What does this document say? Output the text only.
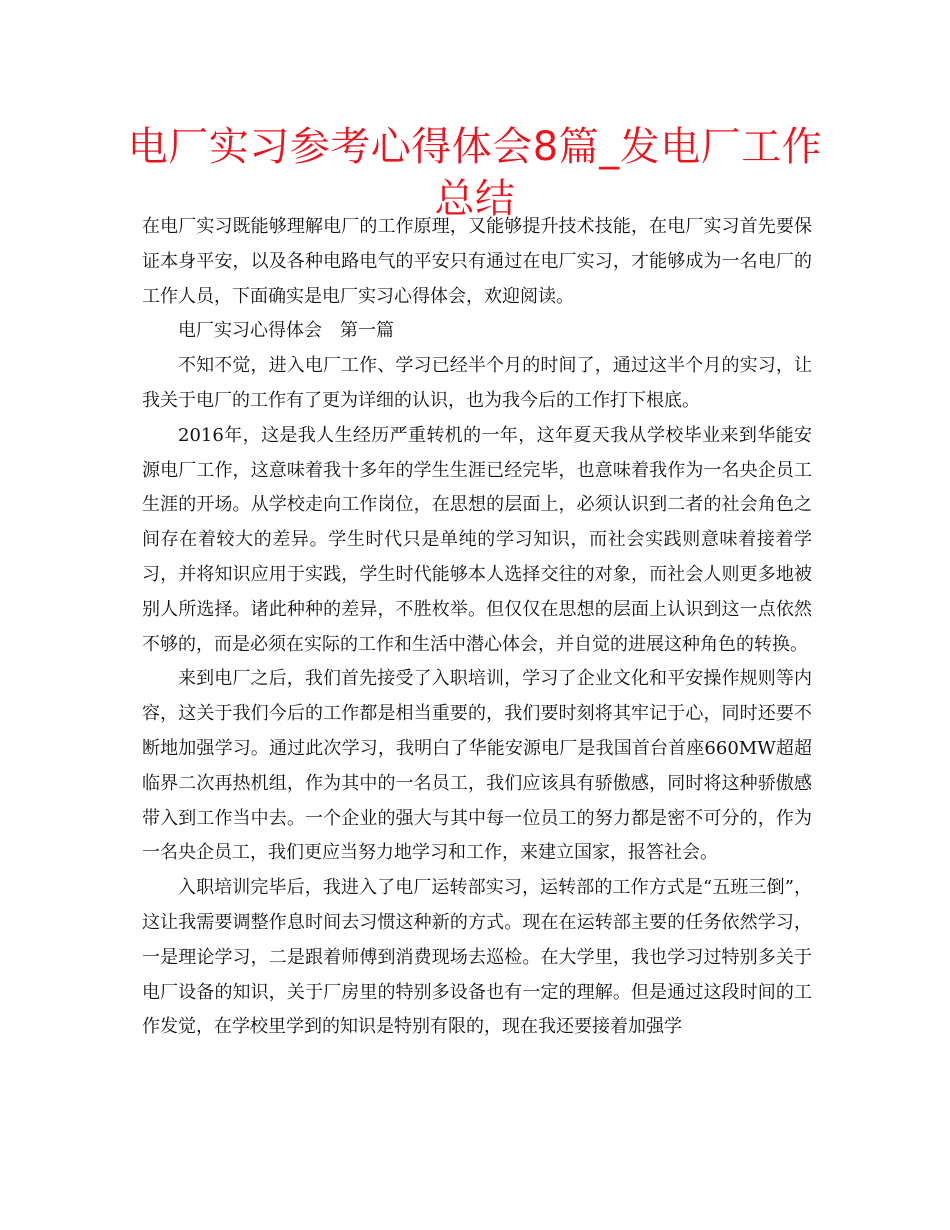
电厂实习参考心得体会8篇_发电厂工作总结

在电厂实习既能够理解电厂的工作原理，又能够提升技术技能，在电厂实习首先要保证本身平安，以及各种电路电气的平安只有通过在电厂实习，才能够成为一名电厂的工作人员，下面确实是电厂实习心得体会，欢迎阅读。

电厂实习心得体会　第一篇

不知不觉，进入电厂工作、学习已经半个月的时间了，通过这半个月的实习，让我关于电厂的工作有了更为详细的认识，也为我今后的工作打下根底。

2016年，这是我人生经历严重转机的一年，这年夏天我从学校毕业来到华能安源电厂工作，这意味着我十多年的学生生涯已经完毕，也意味着我作为一名央企员工生涯的开场。从学校走向工作岗位，在思想的层面上，必须认识到二者的社会角色之间存在着较大的差异。学生时代只是单纯的学习知识，而社会实践则意味着接着学习，并将知识应用于实践，学生时代能够本人选择交往的对象，而社会人则更多地被别人所选择。诸此种种的差异，不胜枚举。但仅仅在思想的层面上认识到这一点依然不够的，而是必须在实际的工作和生活中潜心体会，并自觉的进展这种角色的转换。

来到电厂之后，我们首先接受了入职培训，学习了企业文化和平安操作规则等内容，这关于我们今后的工作都是相当重要的，我们要时刻将其牢记于心，同时还要不断地加强学习。通过此次学习，我明白了华能安源电厂是我国首台首座660MW超超临界二次再热机组，作为其中的一名员工，我们应该具有骄傲感，同时将这种骄傲感带入到工作当中去。一个企业的强大与其中每一位员工的努力都是密不可分的，作为一名央企员工，我们更应当努力地学习和工作，来建立国家，报答社会。

入职培训完毕后，我进入了电厂运转部实习，运转部的工作方式是“五班三倒”，这让我需要调整作息时间去习惯这种新的方式。现在在运转部主要的任务依然学习，一是理论学习，二是跟着师傅到消费现场去巡检。在大学里，我也学习过特别多关于电厂设备的知识，关于厂房里的特别多设备也有一定的理解。但是通过这段时间的工作发觉，在学校里学到的知识是特别有限的，现在我还要接着加强学
